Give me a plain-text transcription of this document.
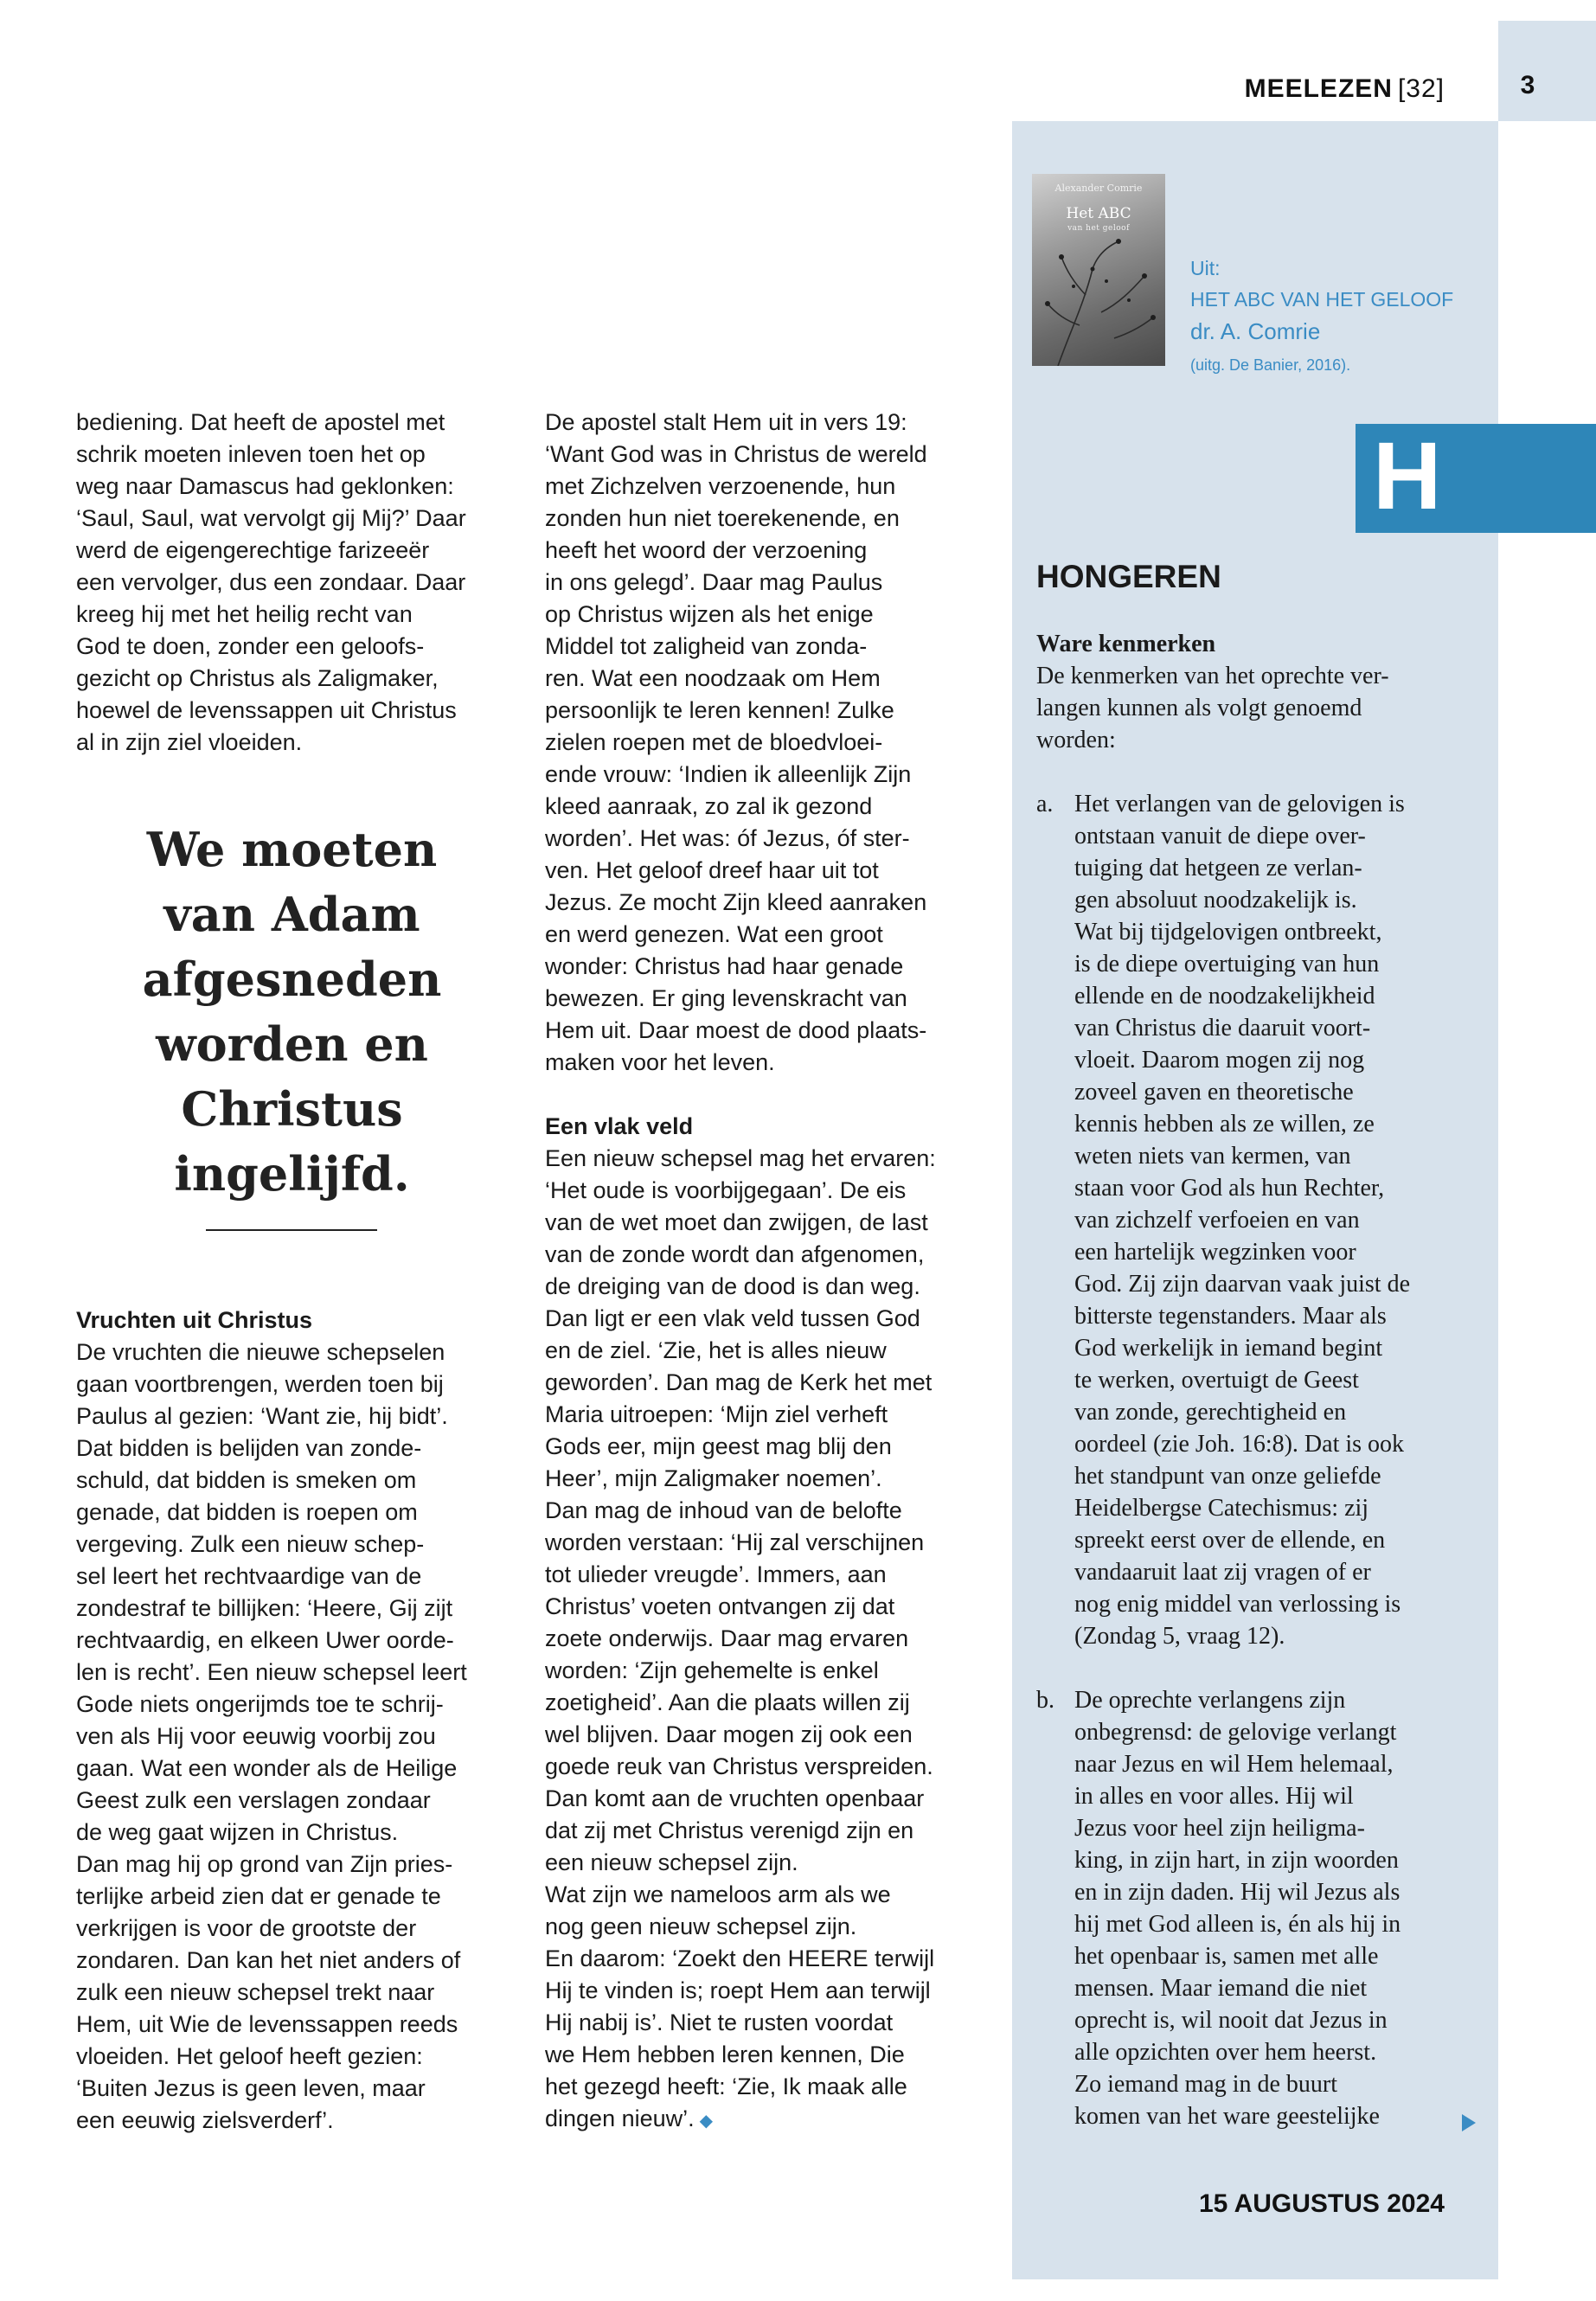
3
MEELEZEN [32]
Alexander Comrie
Het ABC
van het geloof
Uit:
HET ABC VAN HET GELOOF
dr. A. Comrie
(uitg. De Banier, 2016).
H
bediening. Dat heeft de apostel met
schrik moeten inleven toen het op
weg naar Damascus had geklonken:
‘Saul, Saul, wat vervolgt gij Mij?’ Daar
werd de eigengerechtige farizeeër
een vervolger, dus een zondaar. Daar
kreeg hij met het heilig recht van
God te doen, zonder een geloofs-
gezicht op Christus als Zaligmaker,
hoewel de levenssappen uit Christus
al in zijn ziel vloeiden.
We moeten
van Adam
afgesneden
worden en
Christus
ingelijfd.

Vruchten uit Christus

De vruchten die nieuwe schepselen
gaan voortbrengen, werden toen bij
Paulus al gezien: ‘Want zie, hij bidt’.
Dat bidden is belijden van zonde-
schuld, dat bidden is smeken om
genade, dat bidden is roepen om
vergeving. Zulk een nieuw schep-
sel leert het rechtvaardige van de
zondestraf te billijken: ‘Heere, Gij zijt
rechtvaardig, en elkeen Uwer oorde-
len is recht’. Een nieuw schepsel leert
Gode niets ongerijmds toe te schrij-
ven als Hij voor eeuwig voorbij zou
gaan. Wat een wonder als de Heilige
Geest zulk een verslagen zondaar
de weg gaat wijzen in Christus.
Dan mag hij op grond van Zijn pries-
terlijke arbeid zien dat er genade te
verkrijgen is voor de grootste der
zondaren. Dan kan het niet anders of
zulk een nieuw schepsel trekt naar
Hem, uit Wie de levenssappen reeds
vloeiden. Het geloof heeft gezien:
‘Buiten Jezus is geen leven, maar
een eeuwig zielsverderf’.
De apostel stalt Hem uit in vers 19:
‘Want God was in Christus de wereld
met Zichzelven verzoenende, hun
zonden hun niet toerekenende, en
heeft het woord der verzoening
in ons gelegd’. Daar mag Paulus
op Christus wijzen als het enige
Middel tot zaligheid van zonda-
ren. Wat een noodzaak om Hem
persoonlijk te leren kennen! Zulke
zielen roepen met de bloedvloei-
ende vrouw: ‘Indien ik alleenlijk Zijn
kleed aanraak, zo zal ik gezond
worden’. Het was: óf Jezus, óf ster-
ven. Het geloof dreef haar uit tot
Jezus. Ze mocht Zijn kleed aanraken
en werd genezen. Wat een groot
wonder: Christus had haar genade
bewezen. Er ging levenskracht van
Hem uit. Daar moest de dood plaats-
maken voor het leven.

Een vlak veld

Een nieuw schepsel mag het ervaren:
‘Het oude is voorbijgegaan’. De eis
van de wet moet dan zwijgen, de last
van de zonde wordt dan afgenomen,
de dreiging van de dood is dan weg.
Dan ligt er een vlak veld tussen God
en de ziel. ‘Zie, het is alles nieuw
geworden’. Dan mag de Kerk het met
Maria uitroepen: ‘Mijn ziel verheft
Gods eer, mijn geest mag blij den
Heer’, mijn Zaligmaker noemen’.
Dan mag de inhoud van de belofte
worden verstaan: ‘Hij zal verschijnen
tot ulieder vreugde’. Immers, aan
Christus’ voeten ontvangen zij dat
zoete onderwijs. Daar mag ervaren
worden: ‘Zijn gehemelte is enkel
zoetigheid’. Aan die plaats willen zij
wel blijven. Daar mogen zij ook een
goede reuk van Christus verspreiden.
Dan komt aan de vruchten openbaar
dat zij met Christus verenigd zijn en
een nieuw schepsel zijn.
Wat zijn we nameloos arm als we
nog geen nieuw schepsel zijn.
En daarom: ‘Zoekt den HEERE terwijl
Hij te vinden is; roept Hem aan terwijl
Hij nabij is’. Niet te rusten voordat
we Hem hebben leren kennen, Die
het gezegd heeft: ‘Zie, Ik maak alle
dingen nieuw’. ◆
HONGEREN

Ware kenmerken

De kenmerken van het oprechte ver-
langen kunnen als volgt genoemd
worden:
a. Het verlangen van de gelovigen is
ontstaan vanuit de diepe over-
tuiging dat hetgeen ze verlan-
gen absoluut noodzakelijk is.
Wat bij tijdgelovigen ontbreekt,
is de diepe overtuiging van hun
ellende en de noodzakelijkheid
van Christus die daaruit voort-
vloeit. Daarom mogen zij nog
zoveel gaven en theoretische
kennis hebben als ze willen, ze
weten niets van kermen, van
staan voor God als hun Rechter,
van zichzelf verfoeien en van
een hartelijk wegzinken voor
God. Zij zijn daarvan vaak juist de
bitterste tegenstanders. Maar als
God werkelijk in iemand begint
te werken, overtuigt de Geest
van zonde, gerechtigheid en
oordeel (zie Joh. 16:8). Dat is ook
het standpunt van onze geliefde
Heidelbergse Catechismus: zij
spreekt eerst over de ellende, en
vandaaruit laat zij vragen of er
nog enig middel van verlossing is
(Zondag 5, vraag 12).
b. De oprechte verlangens zijn
onbegrensd: de gelovige verlangt
naar Jezus en wil Hem helemaal,
in alles en voor alles. Hij wil
Jezus voor heel zijn heiligma-
king, in zijn hart, in zijn woorden
en in zijn daden. Hij wil Jezus als
hij met God alleen is, én als hij in
het openbaar is, samen met alle
mensen. Maar iemand die niet
oprecht is, wil nooit dat Jezus in
alle opzichten over hem heerst.
Zo iemand mag in de buurt
komen van het ware geestelijke
15 AUGUSTUS 2024
